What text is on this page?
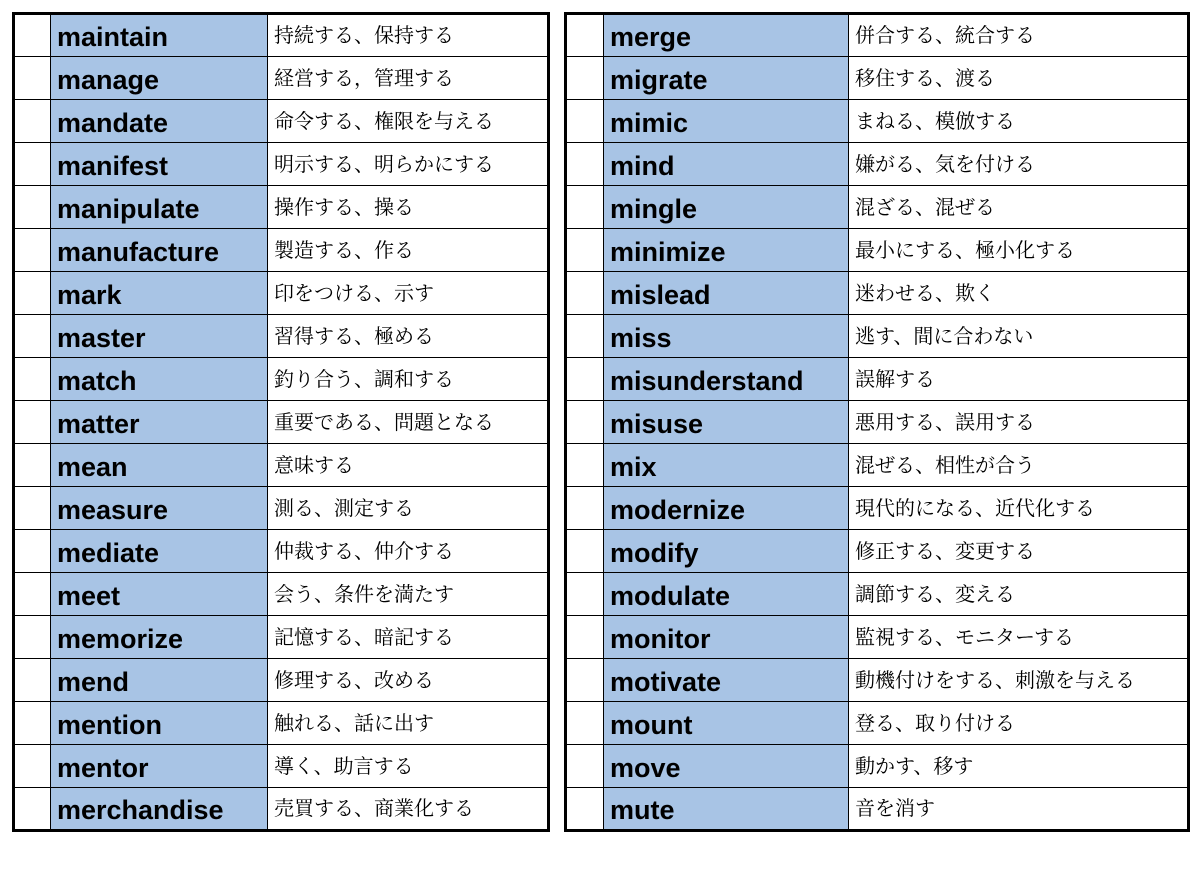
	maintain	持続する、保持する
	manage	経営する，管理する
	mandate	命令する、権限を与える
	manifest	明示する、明らかにする
	manipulate	操作する、操る
	manufacture	製造する、作る
	mark	印をつける、示す
	master	習得する、極める
	match	釣り合う、調和する
	matter	重要である、問題となる
	mean	意味する
	measure	測る、測定する
	mediate	仲裁する、仲介する
	meet	会う、条件を満たす
	memorize	記憶する、暗記する
	mend	修理する、改める
	mention	触れる、話に出す
	mentor	導く、助言する
	merchandise	売買する、商業化する
	merge	併合する、統合する
	migrate	移住する、渡る
	mimic	まねる、模倣する
	mind	嫌がる、気を付ける
	mingle	混ざる、混ぜる
	minimize	最小にする、極小化する
	mislead	迷わせる、欺く
	miss	逃す、間に合わない
	misunderstand	誤解する
	misuse	悪用する、誤用する
	mix	混ぜる、相性が合う
	modernize	現代的になる、近代化する
	modify	修正する、変更する
	modulate	調節する、変える
	monitor	監視する、モニターする
	motivate	動機付けをする、刺激を与える
	mount	登る、取り付ける
	move	動かす、移す
	mute	音を消す
